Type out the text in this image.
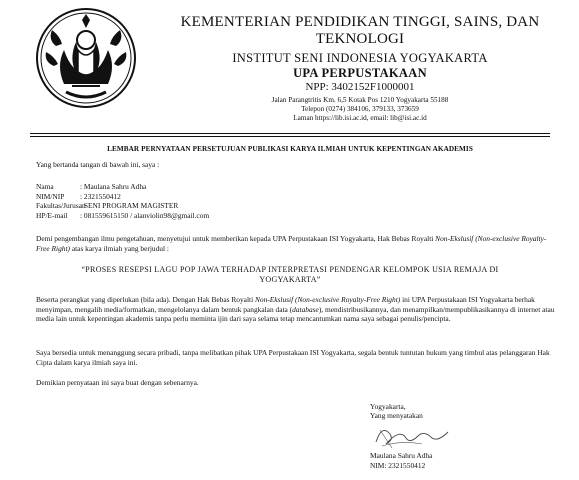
KEMENTERIAN PENDIDIKAN TINGGI, SAINS, DAN TEKNOLOGI
INSTITUT SENI INDONESIA YOGYAKARTA
UPA PERPUSTAKAAN
NPP: 3402152F1000001
Jalan Parangtritis Km. 6,5 Kotak Pos 1210 Yogyakarta 55188
Telepon (0274) 384106, 379133, 373659
Laman https://lib.isi.ac.id, email: lib@isi.ac.id
LEMBAR PERNYATAAN PERSETUJUAN PUBLIKASI KARYA ILMIAH UNTUK KEPENTINGAN AKADEMIS
Yang bertanda tangan di bawah ini, saya :
Nama	: Maulana Sahru Adha
NIM/NIP : 2321550412
Fakultas/Jurusan: SENI PROGRAM MAGISTER
HP/E-mail : 081559615150 / alanviolin98@gmail.com
Demi pengembangan ilmu pengetahuan, menyetujui untuk memberikan kepada UPA Perpustakaan ISI Yogyakarta, Hak Bebas Royalti Non-Ekslusif (Non-exclusive Royalty-Free Right) atas karya ilmiah yang berjudul :
“PROSES RESEPSI LAGU POP JAWA TERHADAP INTERPRETASI PENDENGAR KELOMPOK USIA REMAJA DI
YOGYAKARTA”
Beserta perangkat yang diperlukan (bila ada). Dengan Hak Bebas Royalti Non-Ekslusif (Non-exclusive Royalty-Free Right) ini UPA Perpustakaan ISI Yogyakarta berhak menyimpan, mengalih media/formatkan, mengelolanya dalam bentuk pangkalan data (database), mendistribusikannya, dan menampilkan/mempublikasikannya di internet atau media lain untuk kepentingan akademis tanpa perlu meminta ijin dari saya selama tetap mencantumkan nama saya sebagai penulis/pencipta.
Saya bersedia untuk menanggung secara pribadi, tanpa melibatkan pihak UPA Perpustakaan ISI Yogyakarta, segala bentuk tuntutan hukum yang timbul atas pelanggaran Hak Cipta dalam karya ilmiah saya ini.
Demikian pernyataan ini saya buat dengan sebenarnya.
Yogyakarta,
Yang menyatakan
Maulana Sahru Adha
NIM: 2321550412
